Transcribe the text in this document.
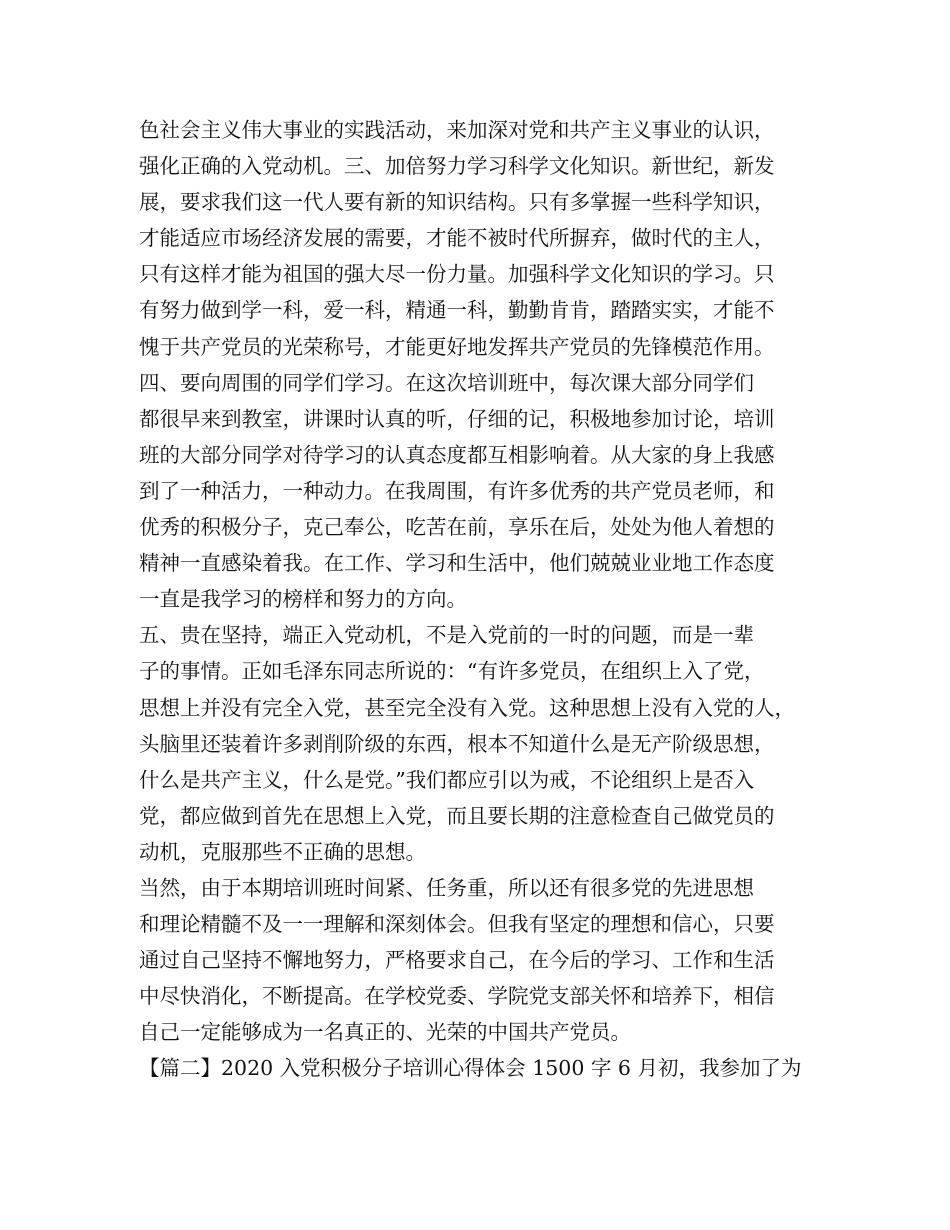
色社会主义伟大事业的实践活动，来加深对党和共产主义事业的认识，
强化正确的入党动机。三、加倍努力学习科学文化知识。新世纪，新发
展，要求我们这一代人要有新的知识结构。只有多掌握一些科学知识，
才能适应市场经济发展的需要，才能不被时代所摒弃，做时代的主人，
只有这样才能为祖国的强大尽一份力量。加强科学文化知识的学习。只
有努力做到学一科，爱一科，精通一科，勤勤肯肯，踏踏实实，才能不
愧于共产党员的光荣称号，才能更好地发挥共产党员的先锋模范作用。
四、要向周围的同学们学习。在这次培训班中，每次课大部分同学们
都很早来到教室，讲课时认真的听，仔细的记，积极地参加讨论，培训
班的大部分同学对待学习的认真态度都互相影响着。从大家的身上我感
到了一种活力，一种动力。在我周围，有许多优秀的共产党员老师，和
优秀的积极分子，克己奉公，吃苦在前，享乐在后，处处为他人着想的
精神一直感染着我。在工作、学习和生活中，他们兢兢业业地工作态度
一直是我学习的榜样和努力的方向。
五、贵在坚持，端正入党动机，不是入党前的一时的问题，而是一辈
子的事情。正如毛泽东同志所说的：“有许多党员，在组织上入了党，
思想上并没有完全入党，甚至完全没有入党。这种思想上没有入党的人，
头脑里还装着许多剥削阶级的东西，根本不知道什么是无产阶级思想，
什么是共产主义，什么是党。”我们都应引以为戒，不论组织上是否入
党，都应做到首先在思想上入党，而且要长期的注意检查自己做党员的
动机，克服那些不正确的思想。
当然，由于本期培训班时间紧、任务重，所以还有很多党的先进思想
和理论精髓不及一一理解和深刻体会。但我有坚定的理想和信心，只要
通过自己坚持不懈地努力，严格要求自己，在今后的学习、工作和生活
中尽快消化，不断提高。在学校党委、学院党支部关怀和培养下，相信
自己一定能够成为一名真正的、光荣的中国共产党员。
【篇二】2020 入党积极分子培训心得体会 1500 字 6 月初，我参加了为
